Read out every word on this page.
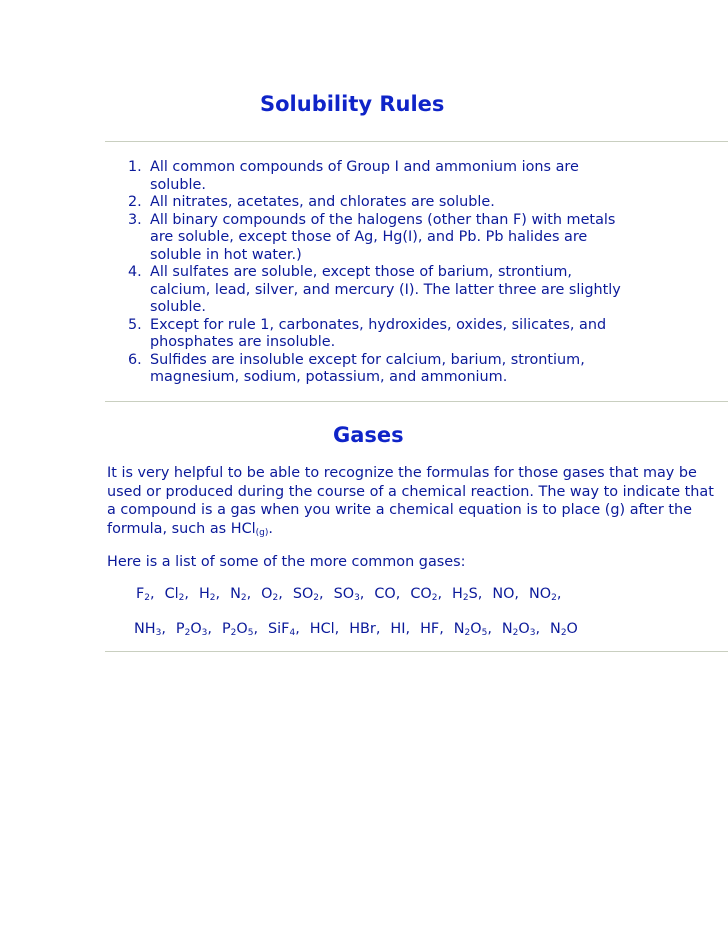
Solubility Rules
1. All common compounds of Group I and ammonium ions are soluble.
2. All nitrates, acetates, and chlorates are soluble.
3. All binary compounds of the halogens (other than F) with metals are soluble, except those of Ag, Hg(I), and Pb. Pb halides are soluble in hot water.)
4. All sulfates are soluble, except those of barium, strontium, calcium, lead, silver, and mercury (I). The latter three are slightly soluble.
5. Except for rule 1, carbonates, hydroxides, oxides, silicates, and phosphates are insoluble.
6. Sulfides are insoluble except for calcium, barium, strontium, magnesium, sodium, potassium, and ammonium.
Gases

It is very helpful to be able to recognize the formulas for those gases that may be used or produced during the course of a chemical reaction. The way to indicate that a compound is a gas when you write a chemical equation is to place (g) after the formula, such as HCl$_{(g)}$.

Here is a list of some of the more common gases:

$F_2$, $Cl_2$, $H_2$, $N_2$, $O_2$, $SO_2$, $SO_3$, CO, $CO_2$, $H_2S$, NO, $NO_2$,
$NH_3$, $P_2O_3$, $P_2O_5$, SiF$_4$, HCl, HBr, HI, HF, $N_2O_5$, $N_2O_3$, $N_2O$
